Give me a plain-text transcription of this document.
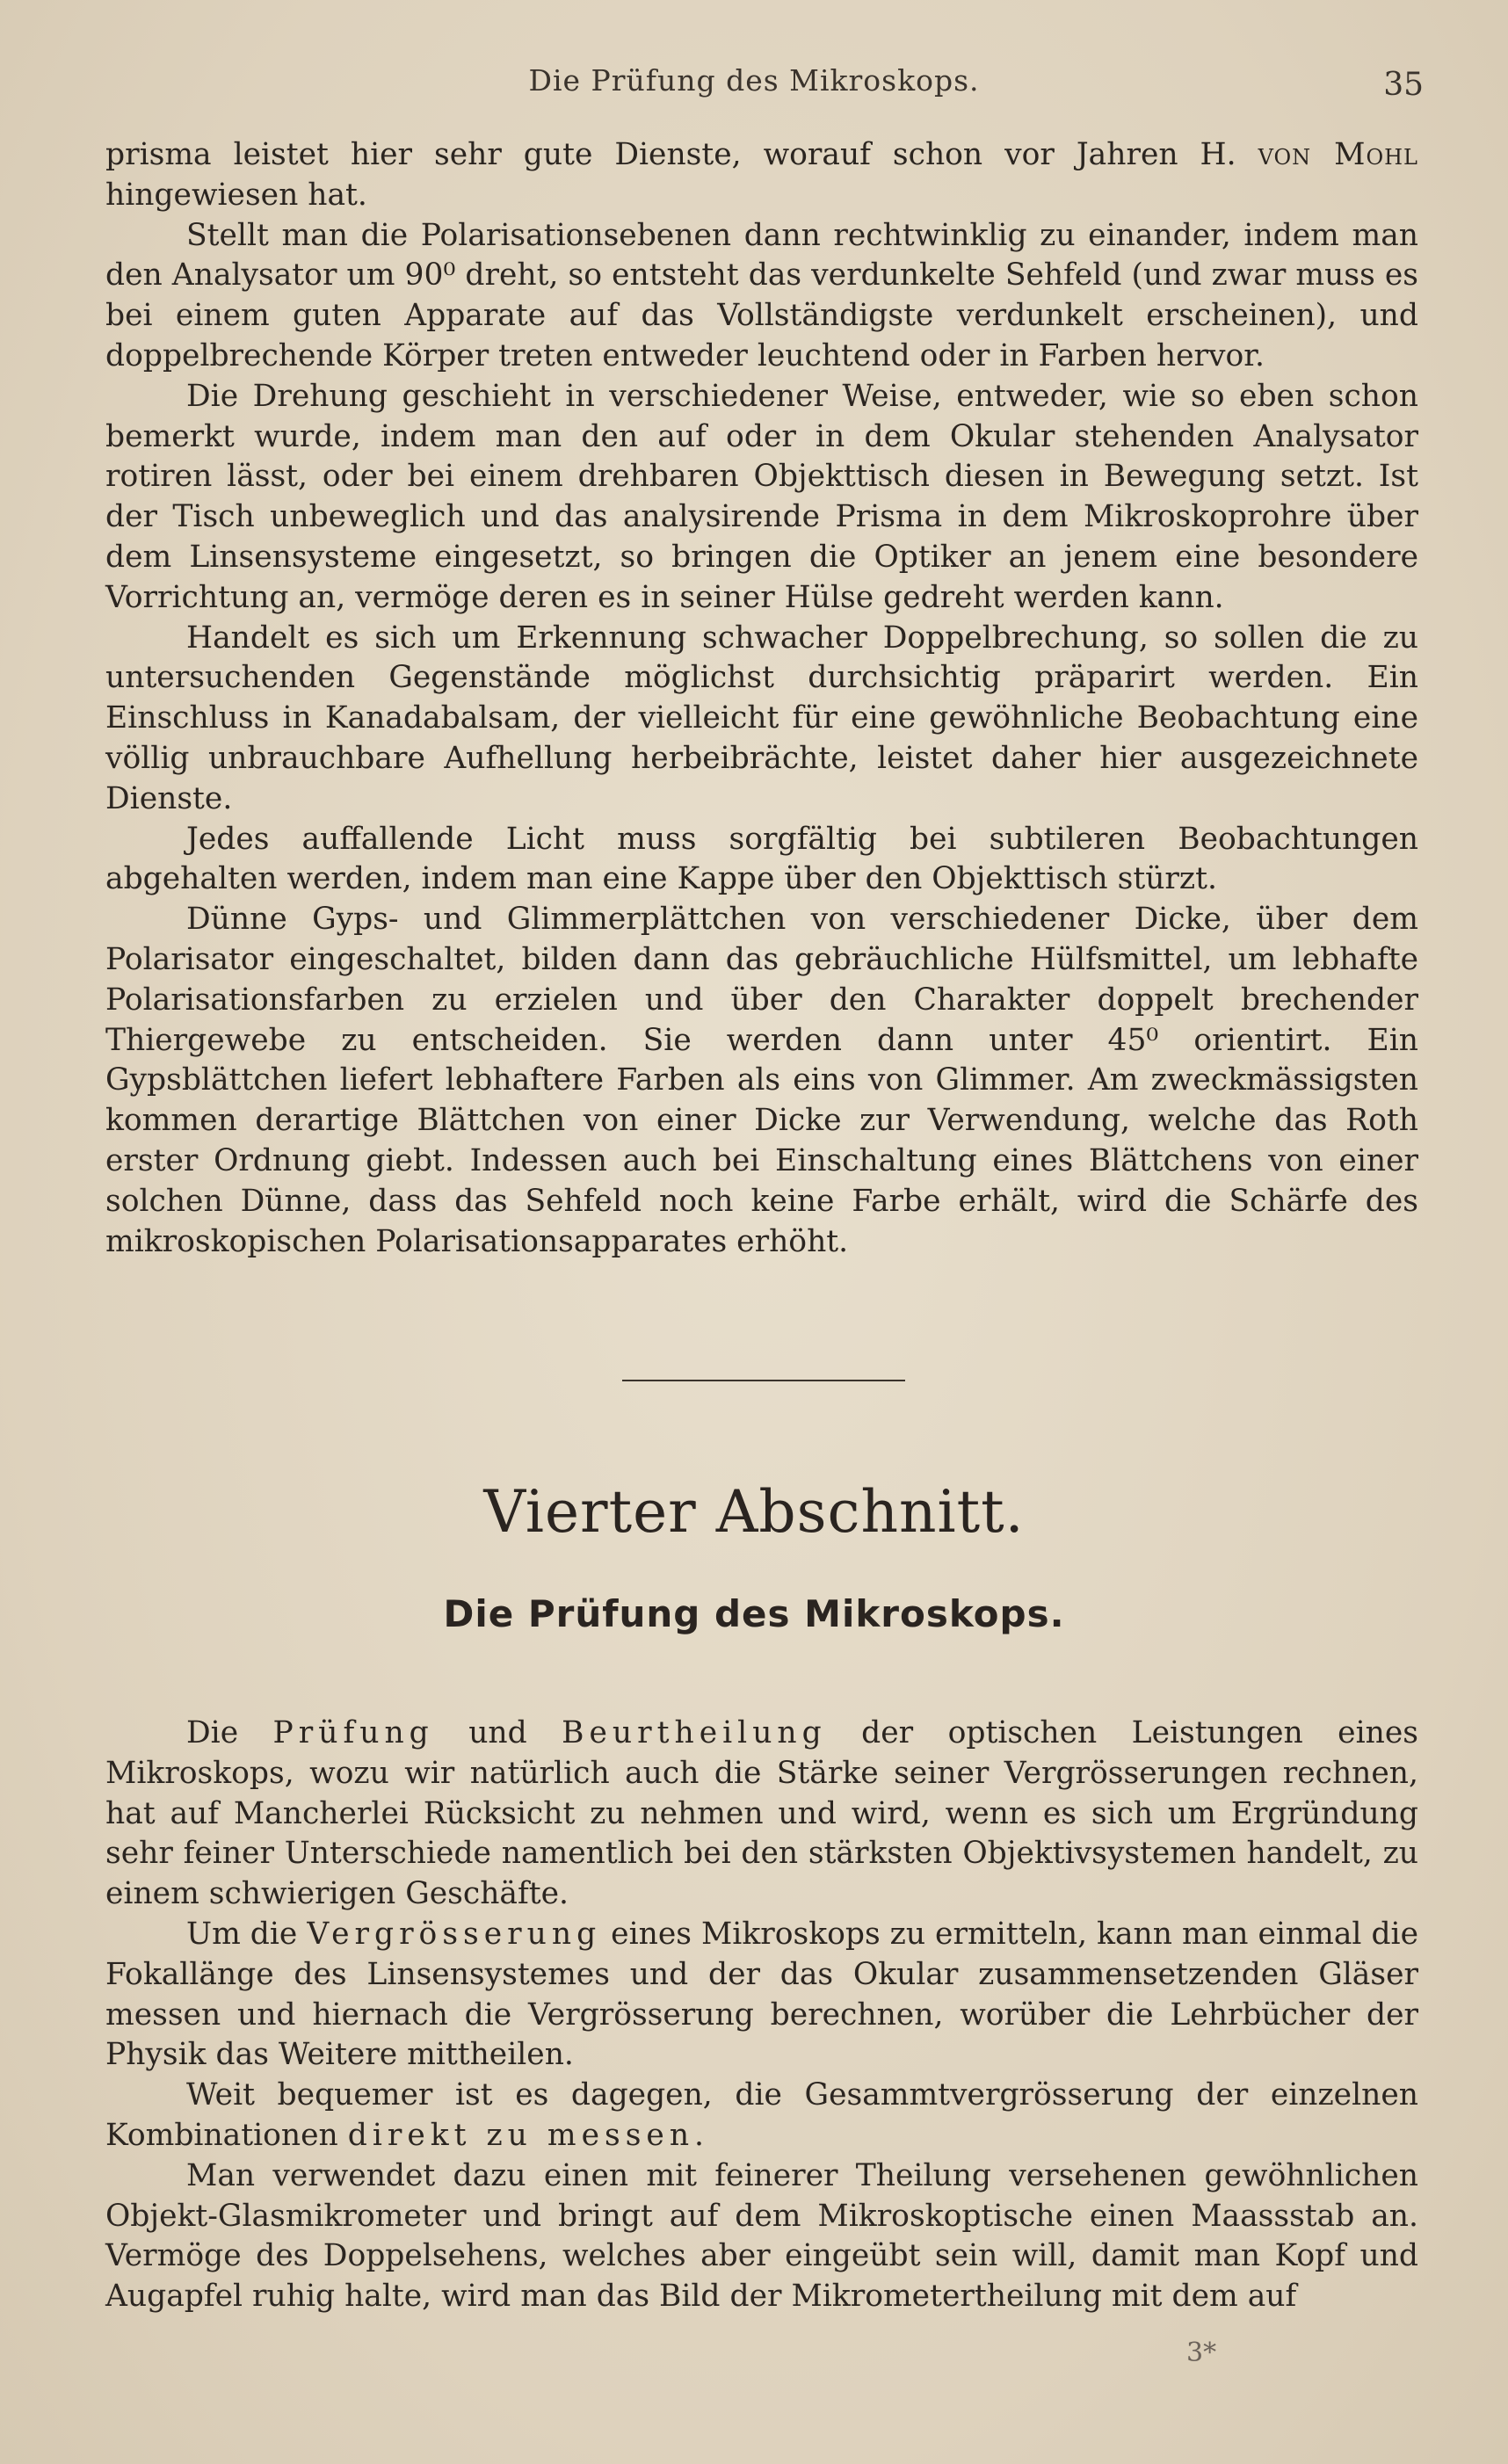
Die Prüfung des Mikroskops.	35

prisma leistet hier sehr gute Dienste, worauf schon vor Jahren H. von Mohl hingewiesen hat.

Stellt man die Polarisationsebenen dann rechtwinklig zu einander, indem man den Analysator um 90⁰ dreht, so entsteht das verdunkelte Sehfeld (und zwar muss es bei einem guten Apparate auf das Vollständigste verdunkelt erscheinen), und doppelbrechende Körper treten entweder leuchtend oder in Farben hervor.

Die Drehung geschieht in verschiedener Weise, entweder, wie so eben schon bemerkt wurde, indem man den auf oder in dem Okular stehenden Analysator rotiren lässt, oder bei einem drehbaren Objekttisch diesen in Bewegung setzt. Ist der Tisch unbeweglich und das analysirende Prisma in dem Mikroskoprohre über dem Linsensysteme eingesetzt, so bringen die Optiker an jenem eine besondere Vorrichtung an, vermöge deren es in seiner Hülse gedreht werden kann.

Handelt es sich um Erkennung schwacher Doppelbrechung, so sollen die zu untersuchenden Gegenstände möglichst durchsichtig präparirt werden. Ein Einschluss in Kanadabalsam, der vielleicht für eine gewöhnliche Beobachtung eine völlig unbrauchbare Aufhellung herbeibrächte, leistet daher hier ausgezeichnete Dienste.

Jedes auffallende Licht muss sorgfältig bei subtileren Beobachtungen abgehalten werden, indem man eine Kappe über den Objekttisch stürzt.

Dünne Gyps- und Glimmerplättchen von verschiedener Dicke, über dem Polarisator eingeschaltet, bilden dann das gebräuchliche Hülfsmittel, um lebhafte Polarisationsfarben zu erzielen und über den Charakter doppelt brechender Thiergewebe zu entscheiden. Sie werden dann unter 45⁰ orientirt. Ein Gypsblättchen liefert lebhaftere Farben als eins von Glimmer. Am zweckmässigsten kommen derartige Blättchen von einer Dicke zur Verwendung, welche das Roth erster Ordnung giebt. Indessen auch bei Einschaltung eines Blättchens von einer solchen Dünne, dass das Sehfeld noch keine Farbe erhält, wird die Schärfe des mikroskopischen Polarisationsapparates erhöht.

Vierter Abschnitt.
Die Prüfung des Mikroskops.

Die Prüfung und Beurtheilung der optischen Leistungen eines Mikroskops, wozu wir natürlich auch die Stärke seiner Vergrösserungen rechnen, hat auf Mancherlei Rücksicht zu nehmen und wird, wenn es sich um Ergründung sehr feiner Unterschiede namentlich bei den stärksten Objektivsystemen handelt, zu einem schwierigen Geschäfte.

Um die Vergrösserung eines Mikroskops zu ermitteln, kann man einmal die Fokallänge des Linsensystemes und der das Okular zusammensetzenden Gläser messen und hiernach die Vergrösserung berechnen, worüber die Lehrbücher der Physik das Weitere mittheilen.

Weit bequemer ist es dagegen, die Gesammtvergrösserung der einzelnen Kombinationen direkt zu messen.

Man verwendet dazu einen mit feinerer Theilung versehenen gewöhnlichen Objekt-Glasmikrometer und bringt auf dem Mikroskoptische einen Maassstab an. Vermöge des Doppelsehens, welches aber eingeübt sein will, damit man Kopf und Augapfel ruhig halte, wird man das Bild der Mikrometertheilung mit dem auf

3*
